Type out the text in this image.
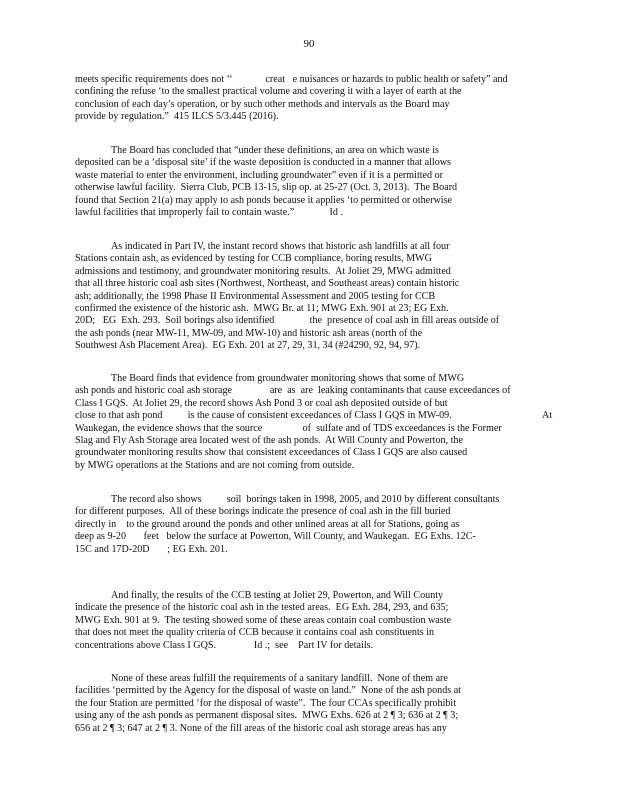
90
meets specific requirements does not ‘‘             creat   e nuisances or hazards to public health or safety” and
confining the refuse ‘to the smallest practical volume and covering it with a layer of earth at the
conclusion of each day’s operation, or by such other methods and intervals as the Board may
provide by regulation.”  415 ILCS 5/3.445 (2016).
The Board has concluded that “under these definitions, an area on which waste is
deposited can be a ‘disposal site’ if the waste deposition is conducted in a manner that allows
waste material to enter the environment, including groundwater” even if it is a permitted or
otherwise lawful facility.  Sierra Club, PCB 13-15, slip op. at 25-27 (Oct. 3, 2013).  The Board
found that Section 21(a) may apply to ash ponds because it applies ‘to permitted or otherwise
lawful facilities that improperly fail to contain waste.”              Id .
As indicated in Part IV, the instant record shows that historic ash landfills at all four
Stations contain ash, as evidenced by testing for CCB compliance, boring results, MWG
admissions and testimony, and groundwater monitoring results.  At Joliet 29, MWG admitted
that all three historic coal ash sites (Northwest, Northeast, and Southeast areas) contain historic
ash; additionally, the 1998 Phase II Environmental Assessment and 2005 testing for CCB
confirmed the existence of the historic ash.  MWG Br. at 11; MWG Exh. 901 at 23; EG Exh.
20D;   EG  Exh. 293.  Soil borings also identified              the  presence of coal ash in fill areas outside of
the ash ponds (near MW-11, MW-09, and MW-10) and historic ash areas (north of the
Southwest Ash Placement Area).  EG Exh. 201 at 27, 29, 31, 34 (#24290, 92, 94, 97).
The Board finds that evidence from groundwater monitoring shows that some of MWG
ash ponds and historic coal ash storage               are  as  are  leaking contaminants that cause exceedances of
Class I GQS.  At Joliet 29, the record shows Ash Pond 3 or coal ash deposited outside of but
close to that ash pond          is the cause of consistent exceedances of Class I GQS in MW-09.                                    At
Waukegan, the evidence shows that the source                of  sulfate and of TDS exceedances is the Former
Slag and Fly Ash Storage area located west of the ash ponds.  At Will County and Powerton, the
groundwater monitoring results show that consistent exceedances of Class I GQS are also caused
by MWG operations at the Stations and are not coming from outside.
The record also shows          soil  borings taken in 1998, 2005, and 2010 by different consultants
for different purposes.  All of these borings indicate the presence of coal ash in the fill buried
directly in    to the ground around the ponds and other unlined areas at all for Stations, going as
deep as 9-20       feet   below the surface at Powerton, Will County, and Waukegan.  EG Exhs. 12C-
15C and 17D-20D       ; EG Exh. 201.
And finally, the results of the CCB testing at Joliet 29, Powerton, and Will County
indicate the presence of the historic coal ash in the tested areas.  EG Exh. 284, 293, and 635;
MWG Exh. 901 at 9.  The testing showed some of these areas contain coal combustion waste
that does not meet the quality criteria of CCB because it contains coal ash constituents in
concentrations above Class I GQS.               Id .;  see    Part IV for details.
None of these areas fulfill the requirements of a sanitary landfill.  None of them are
facilities ‘permitted by the Agency for the disposal of waste on land.”  None of the ash ponds at
the four Station are permitted ‘for the disposal of waste”.  The four CCAs specifically prohibit
using any of the ash ponds as permanent disposal sites.  MWG Exhs. 626 at 2 ¶ 3; 636 at 2 ¶ 3;
656 at 2 ¶ 3; 647 at 2 ¶ 3. None of the fill areas of the historic coal ash storage areas has any
